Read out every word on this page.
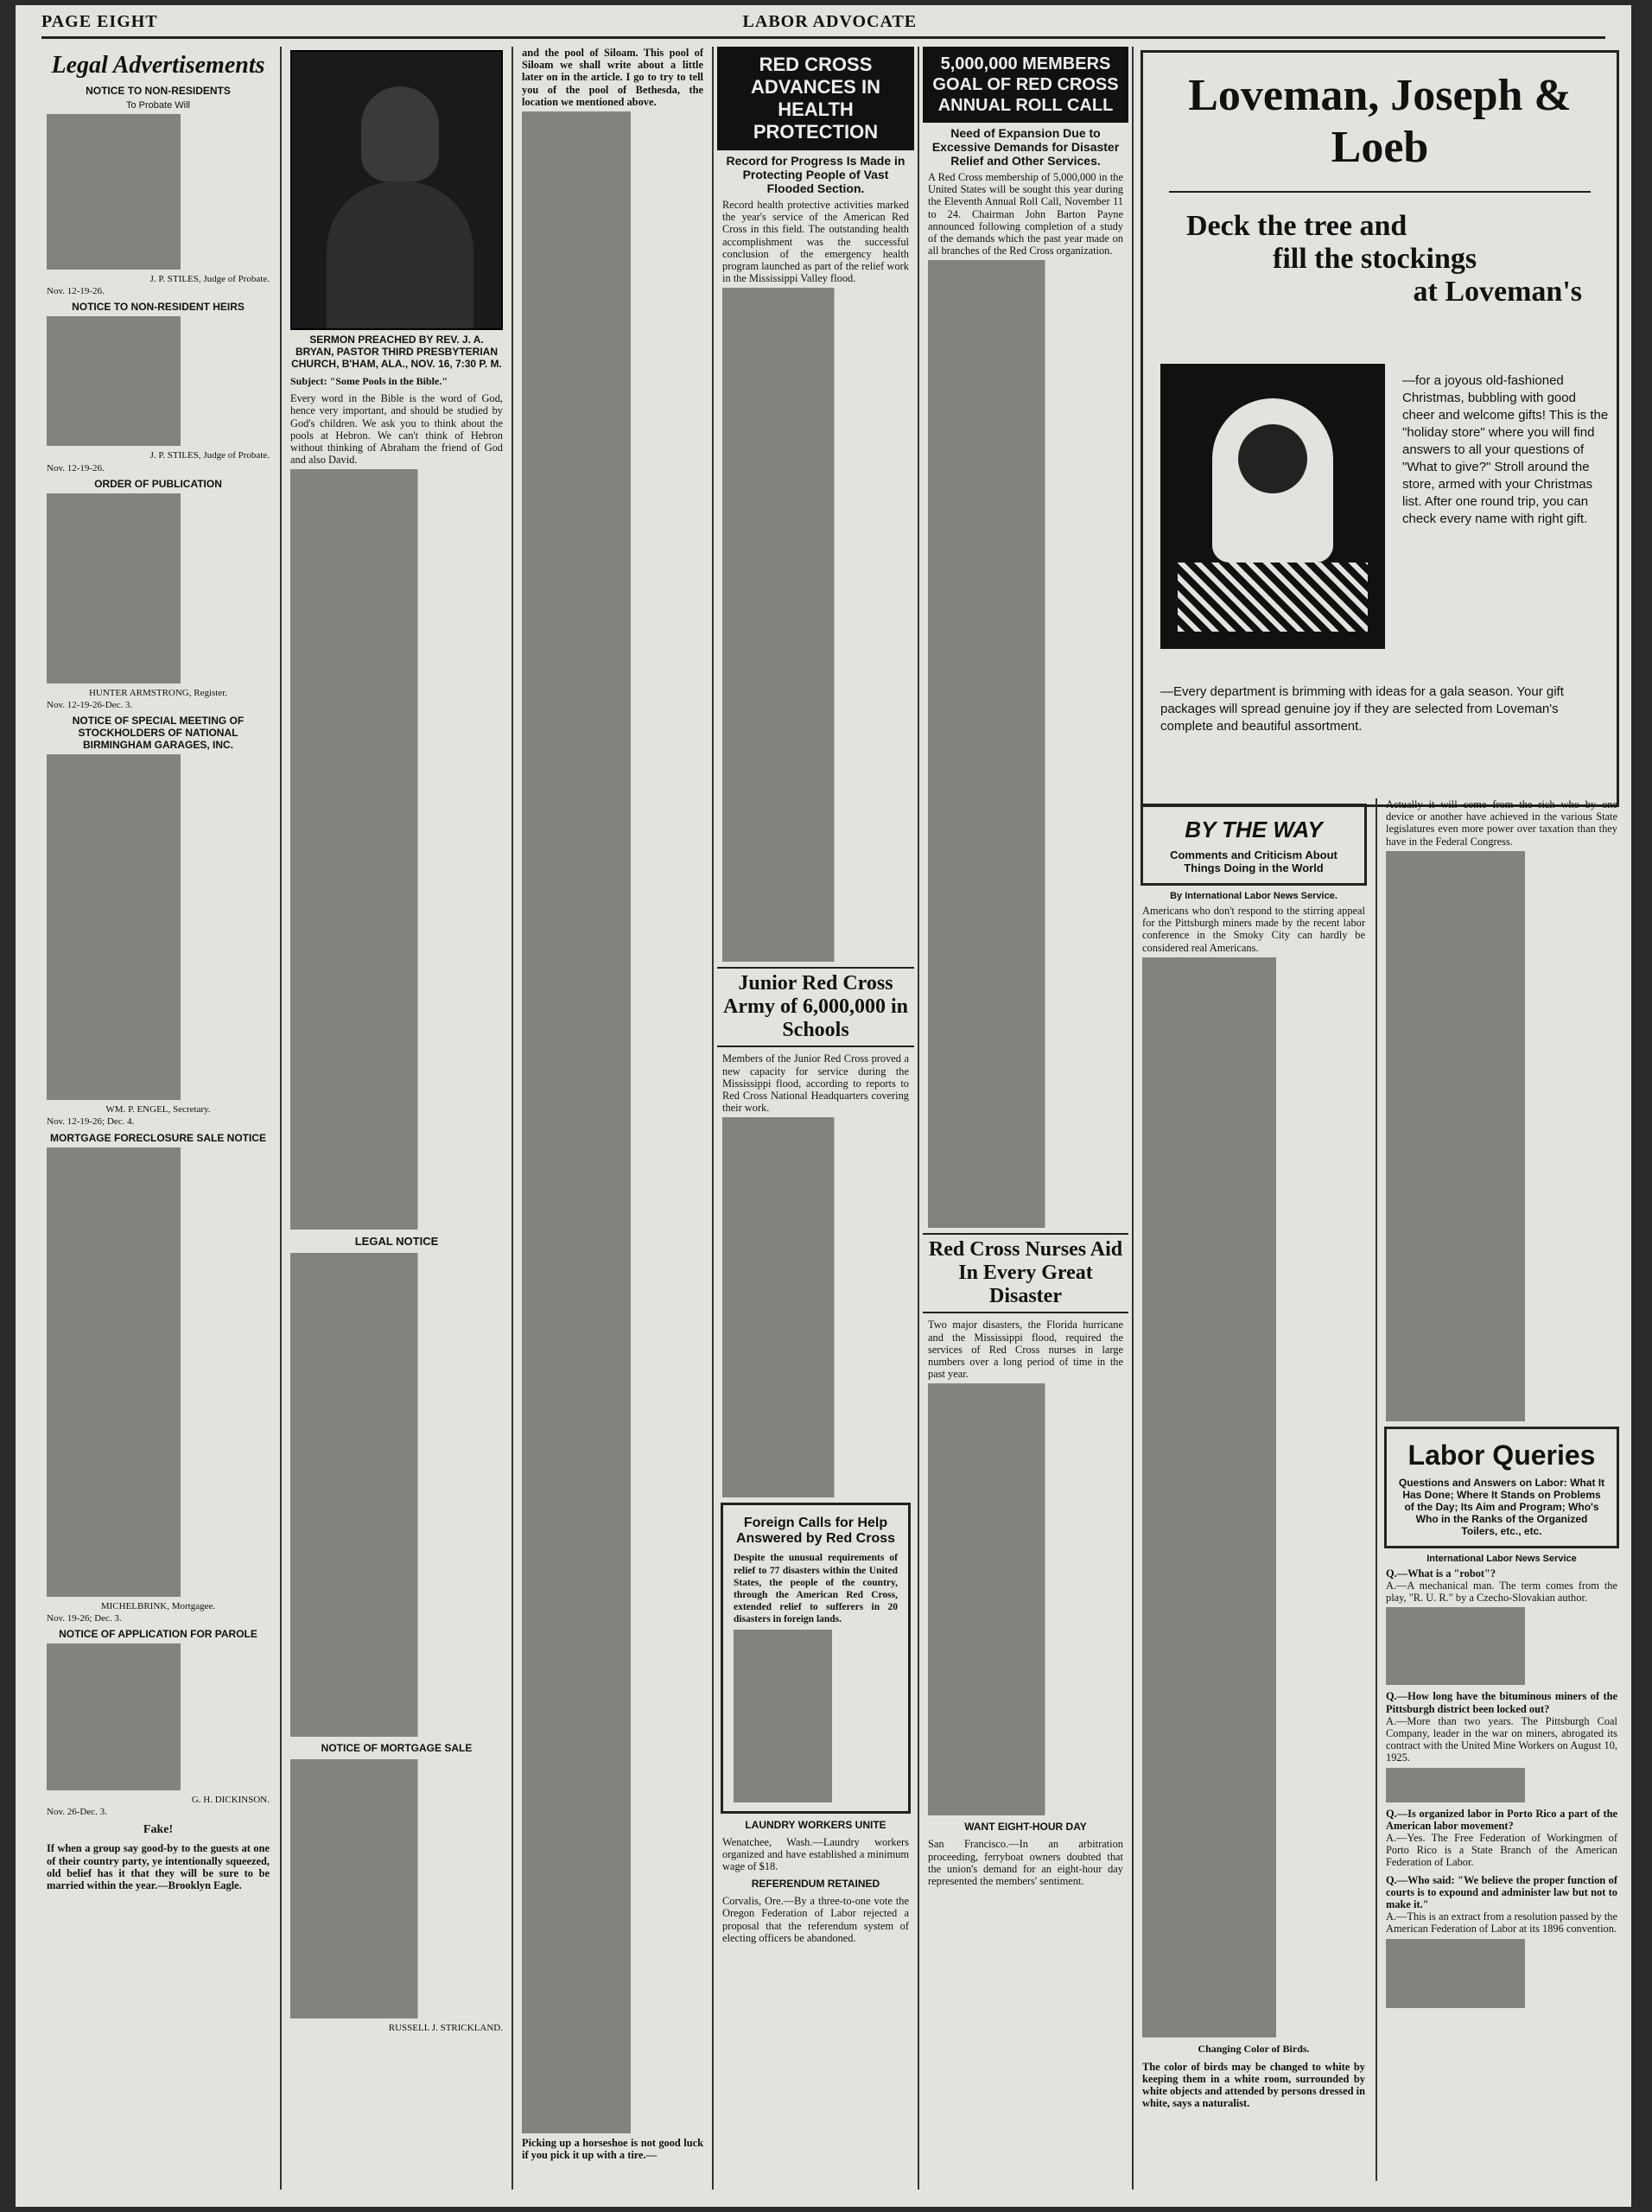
PAGE EIGHT	LABOR ADVOCATE
Legal Advertisements
NOTICE TO NON-RESIDENTS
To Probate Will
J. P. STILES, Judge of Probate.
Nov. 12-19-26.
NOTICE TO NON-RESIDENT HEIRS
J. P. STILES, Judge of Probate.
Nov. 12-19-26.
ORDER OF PUBLICATION
HUNTER ARMSTRONG, Register.
Nov. 12-19-26-Dec. 3.
NOTICE OF SPECIAL MEETING OF STOCKHOLDERS OF NATIONAL BIRMINGHAM GARAGES, INC.
WM. P. ENGEL, Secretary.
Nov. 12-19-26; Dec. 4.
MORTGAGE FORECLOSURE SALE NOTICE
MICHELBRINK, Mortgagee.
Nov. 19-26; Dec. 3.
NOTICE OF APPLICATION FOR PAROLE
G. H. DICKINSON.
Nov. 26-Dec. 3.
Fake!
If when a group say good-by to the guests at one of their country party, ye intentionally squeezed, old belief has it that they will be sure to be married within the year.—Brooklyn Eagle.
SERMON PREACHED BY REV. J. A. BRYAN, PASTOR THIRD PRESBYTERIAN CHURCH, B'HAM, ALA., NOV. 16, 7:30 P. M.
Subject: "Some Pools in the Bible."
Every word in the Bible is the word of God, hence very important, and should be studied by God's children. We ask you to think about the pools at Hebron. We can't think of Hebron without thinking of Abraham the friend of God and also David.
LEGAL NOTICE
NOTICE OF MORTGAGE SALE
RUSSELL J. STRICKLAND.
and the pool of Siloam. This pool of Siloam we shall write about a little later on in the article. I go to try to tell you of the pool of Bethesda, the location we mentioned above.
Picking up a horseshoe is not good luck if you pick it up with a tire.—
RED CROSS ADVANCES IN HEALTH PROTECTION
Record for Progress Is Made in Protecting People of Vast Flooded Section.
Record health protective activities marked the year's service of the American Red Cross in this field. The outstanding health accomplishment was the successful conclusion of the emergency health program launched as part of the relief work in the Mississippi Valley flood.
Junior Red Cross Army of 6,000,000 in Schools
Members of the Junior Red Cross proved a new capacity for service during the Mississippi flood, according to reports to Red Cross National Headquarters covering their work.
Foreign Calls for Help Answered by Red Cross
Despite the unusual requirements of relief to 77 disasters within the United States, the people of the country, through the American Red Cross, extended relief to sufferers in 20 disasters in foreign lands.
LAUNDRY WORKERS UNITE
Wenatchee, Wash.—Laundry workers organized and have established a minimum wage of $18.
REFERENDUM RETAINED
Corvalis, Ore.—By a three-to-one vote the Oregon Federation of Labor rejected a proposal that the referendum system of electing officers be abandoned.
5,000,000 MEMBERS GOAL OF RED CROSS ANNUAL ROLL CALL
Need of Expansion Due to Excessive Demands for Disaster Relief and Other Services.
A Red Cross membership of 5,000,000 in the United States will be sought this year during the Eleventh Annual Roll Call, November 11 to 24. Chairman John Barton Payne announced following completion of a study of the demands which the past year made on all branches of the Red Cross organization.
Red Cross Nurses Aid In Every Great Disaster
Two major disasters, the Florida hurricane and the Mississippi flood, required the services of Red Cross nurses in large numbers over a long period of time in the past year.
WANT EIGHT-HOUR DAY
San Francisco.—In an arbitration proceeding, ferryboat owners doubted that the union's demand for an eight-hour day represented the members' sentiment.
Loveman, Joseph & Loeb
Deck the tree and
fill the stockings
at Loveman's
—for a joyous old-fashioned Christmas, bubbling with good cheer and welcome gifts! This is the "holiday store" where you will find answers to all your questions of "What to give?" Stroll around the store, armed with your Christmas list. After one round trip, you can check every name with right gift.
—Every department is brimming with ideas for a gala season. Your gift packages will spread genuine joy if they are selected from Loveman's complete and beautiful assortment.
BY THE WAY
Comments and Criticism About Things Doing in the World
By International Labor News Service.
Americans who don't respond to the stirring appeal for the Pittsburgh miners made by the recent labor conference in the Smoky City can hardly be considered real Americans.
Changing Color of Birds.
The color of birds may be changed to white by keeping them in a white room, surrounded by white objects and attended by persons dressed in white, says a naturalist.
Actually it will come from the rich who by one device or another have achieved in the various State legislatures even more power over taxation than they have in the Federal Congress.
Labor Queries
Questions and Answers on Labor: What It Has Done; Where It Stands on Problems of the Day; Its Aim and Program; Who's Who in the Ranks of the Organized Toilers, etc., etc.
International Labor News Service
Q.—What is a "robot"?
A.—A mechanical man. The term comes from the play, "R. U. R." by a Czecho-Slovakian author.
Q.—How long have the bituminous miners of the Pittsburgh district been locked out?
A.—More than two years. The Pittsburgh Coal Company, leader in the war on miners, abrogated its contract with the United Mine Workers on August 10, 1925.
Q.—Is organized labor in Porto Rico a part of the American labor movement?
A.—Yes. The Free Federation of Workingmen of Porto Rico is a State Branch of the American Federation of Labor.
Q.—Who said: "We believe the proper function of courts is to expound and administer law but not to make it."
A.—This is an extract from a resolution passed by the American Federation of Labor at its 1896 convention.
